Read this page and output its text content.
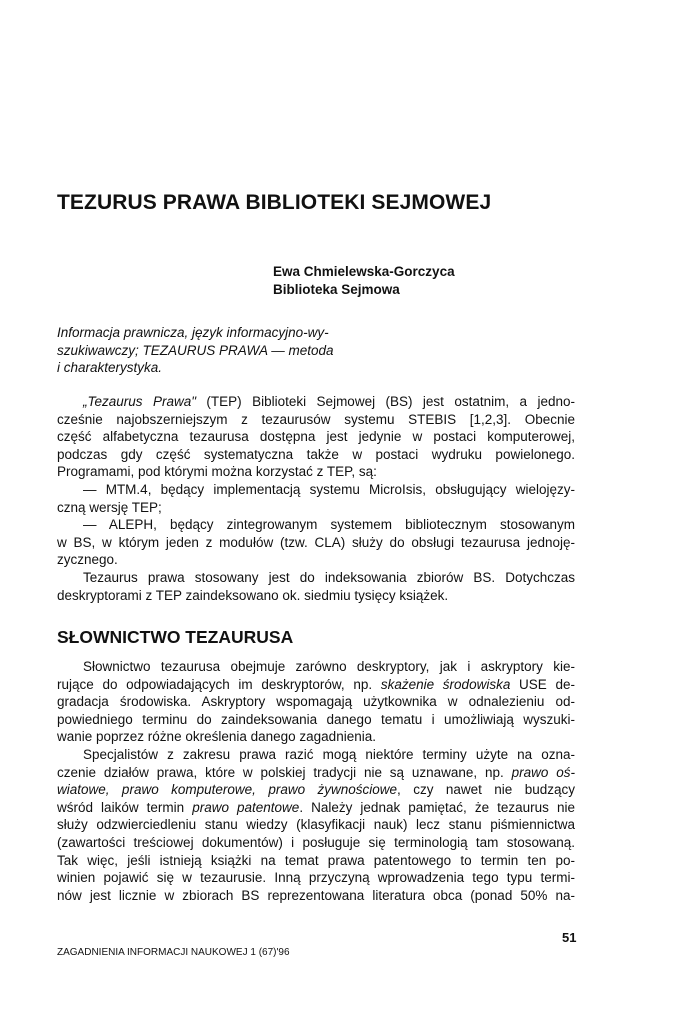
TEZURUS PRAWA BIBLIOTEKI SEJMOWEJ
Ewa Chmielewska-Gorczyca
Biblioteka Sejmowa
Informacja prawnicza, język informacyjno-wy-
szukiwawczy; TEZAURUS PRAWA — metoda
i charakterystyka.
„Tezaurus Prawa" (TEP) Biblioteki Sejmowej (BS) jest ostatnim, a jedno-
cześnie najobszerniejszym z tezaurusów systemu STEBIS [1,2,3]. Obecnie
część alfabetyczna tezaurusa dostępna jest jedynie w postaci komputerowej,
podczas gdy część systematyczna także w postaci wydruku powielonego.
Programami, pod którymi można korzystać z TEP, są:
— MTM.4, będący implementacją systemu MicroIsis, obsługujący wielojęzy-
czną wersję TEP;
— ALEPH, będący zintegrowanym systemem bibliotecznym stosowanym
w BS, w którym jeden z modułów (tzw. CLA) służy do obsługi tezaurusa jednoję-
zycznego.
Tezaurus prawa stosowany jest do indeksowania zbiorów BS. Dotychczas
deskryptorami z TEP zaindeksowano ok. siedmiu tysięcy książek.
SŁOWNICTWO TEZAURUSA
Słownictwo tezaurusa obejmuje zarówno deskryptory, jak i askryptory kie-
rujące do odpowiadających im deskryptorów, np. skażenie środowiska USE de-
gradacja środowiska. Askryptory wspomagają użytkownika w odnalezieniu od-
powiedniego terminu do zaindeksowania danego tematu i umożliwiają wyszuki-
wanie poprzez różne określenia danego zagadnienia.
Specjalistów z zakresu prawa razić mogą niektóre terminy użyte na ozna-
czenie działów prawa, które w polskiej tradycji nie są uznawane, np. prawo oś-
wiatowe, prawo komputerowe, prawo żywnościowe, czy nawet nie budzący
wśród laików termin prawo patentowe. Należy jednak pamiętać, że tezaurus nie
służy odzwierciedleniu stanu wiedzy (klasyfikacji nauk) lecz stanu piśmiennictwa
(zawartości treściowej dokumentów) i posługuje się terminologią tam stosowaną.
Tak więc, jeśli istnieją książki na temat prawa patentowego to termin ten po-
winien pojawić się w tezaurusie. Inną przyczyną wprowadzenia tego typu termi-
nów jest licznie w zbiorach BS reprezentowana literatura obca (ponad 50% na-
51
ZAGADNIENIA INFORMACJI NAUKOWEJ 1 (67)'96
